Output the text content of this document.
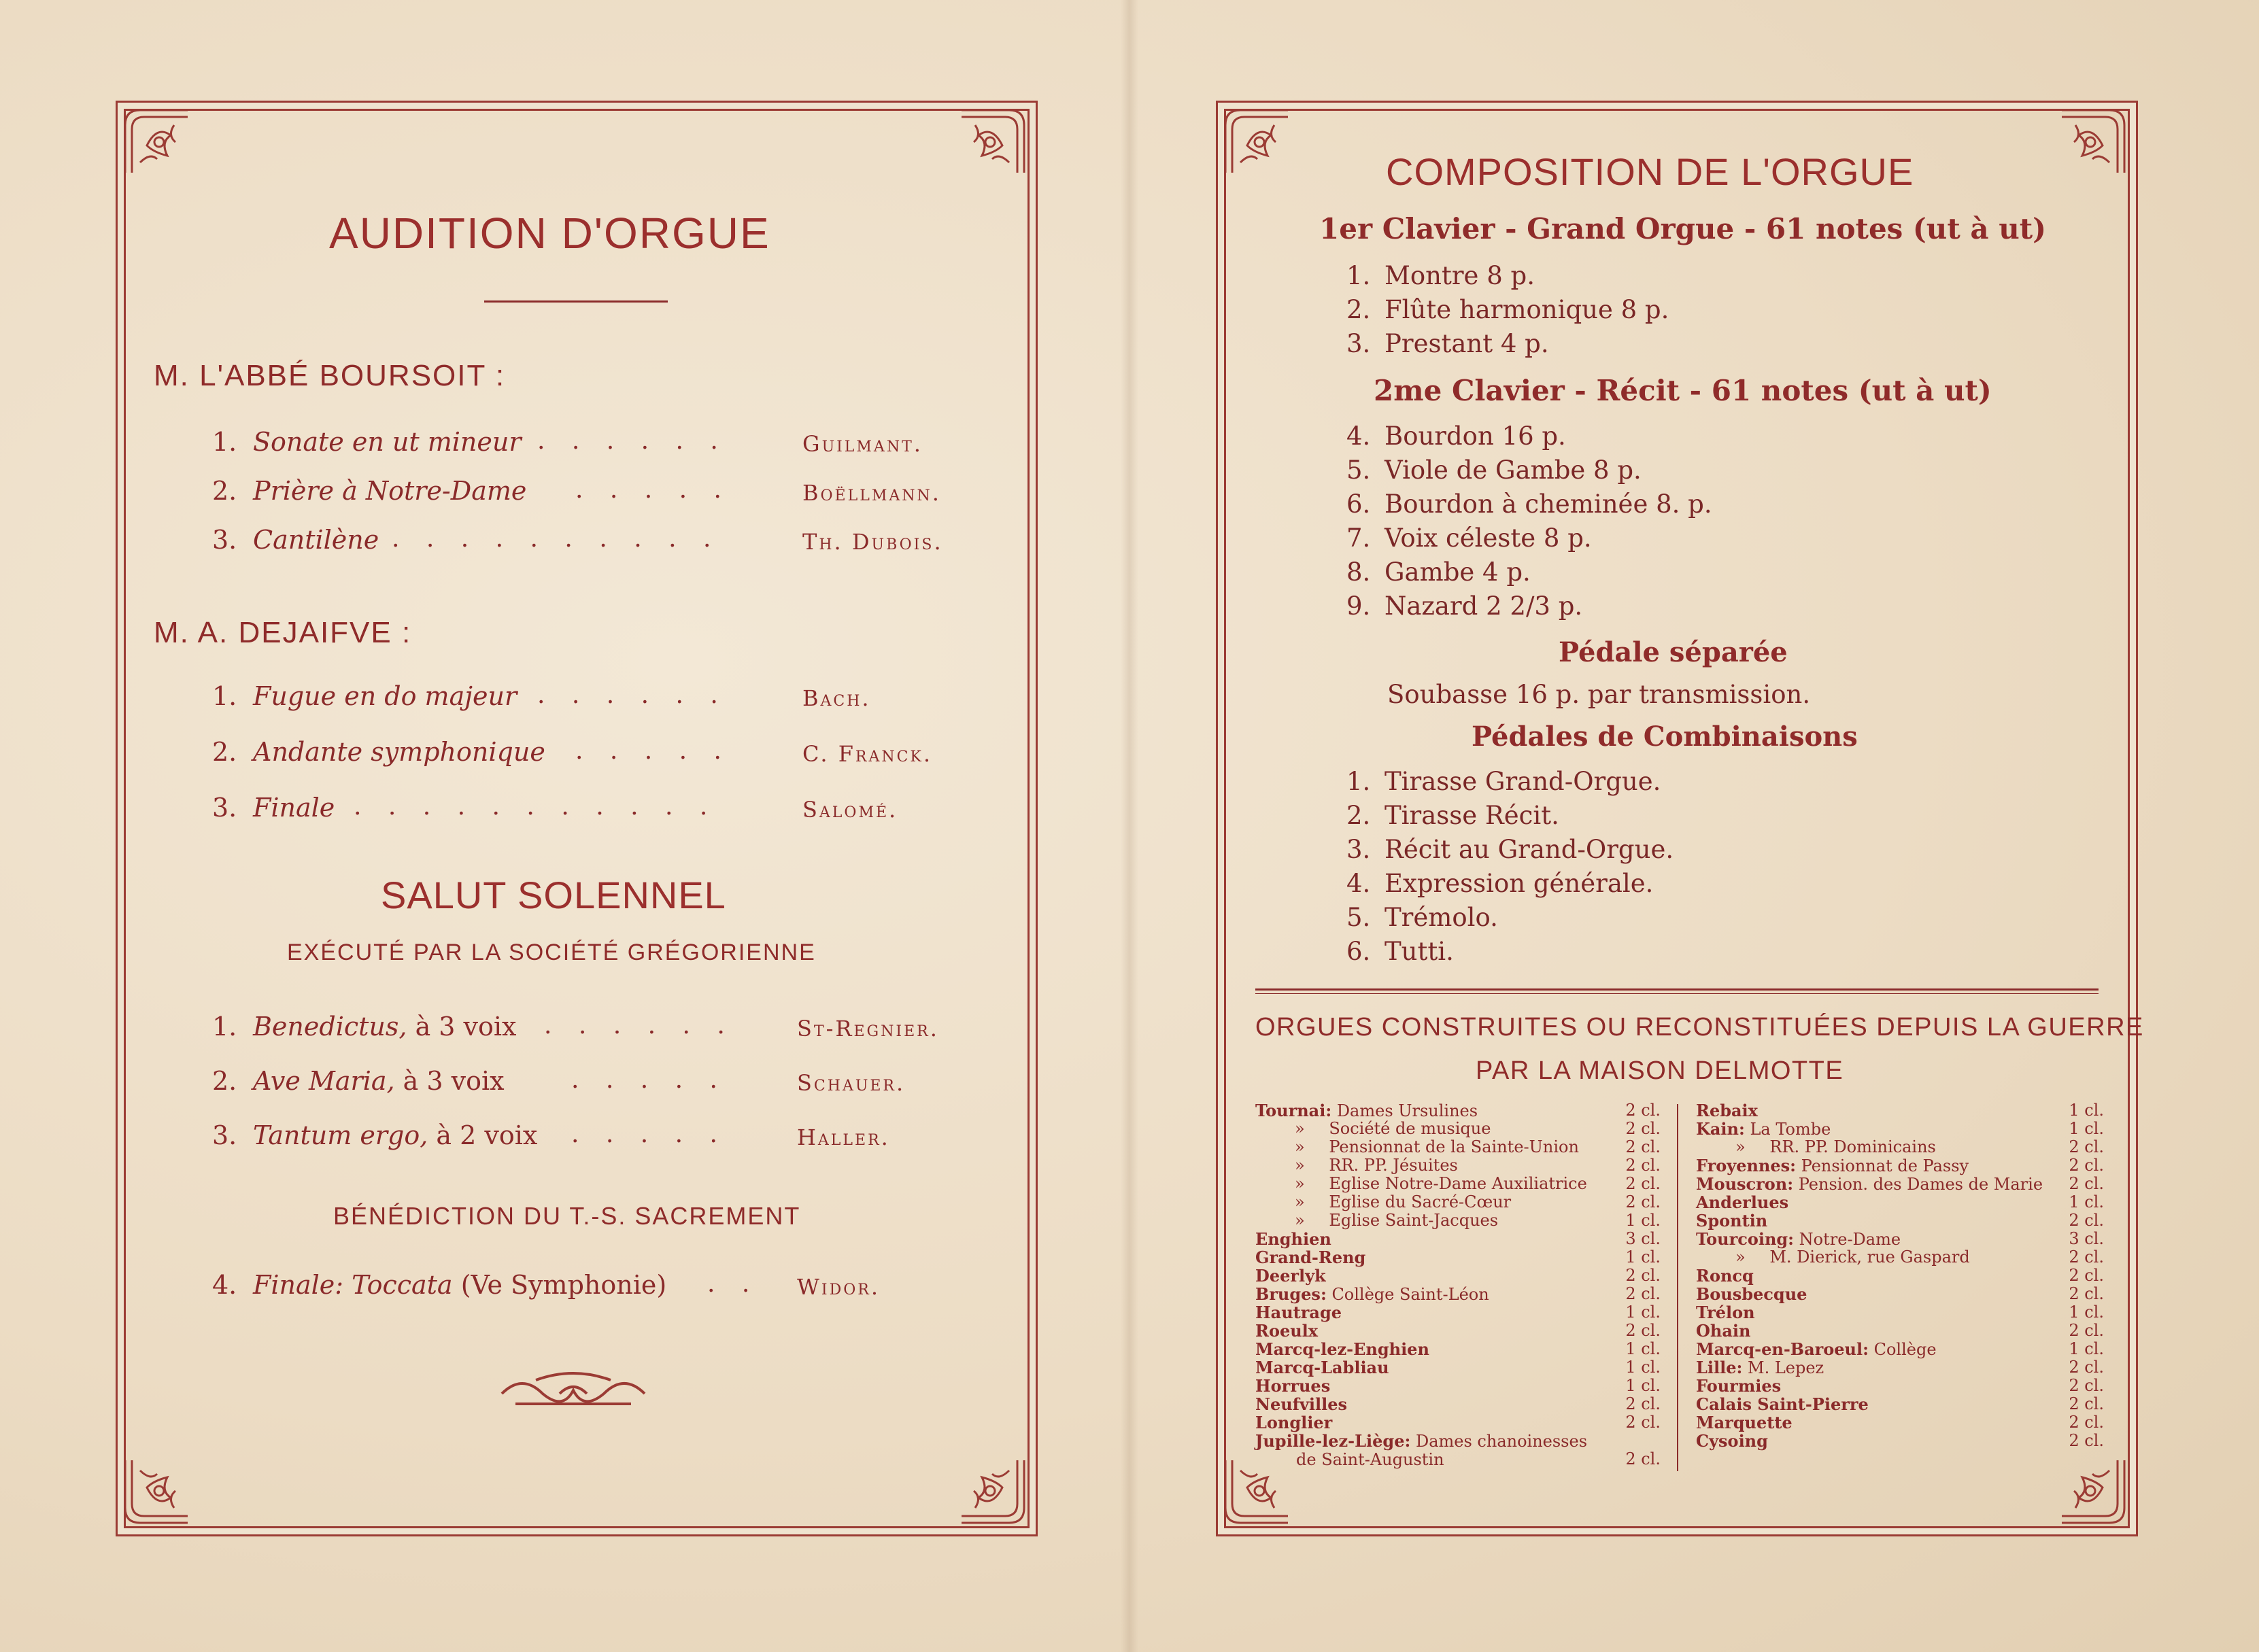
AUDITION D'ORGUE
M. L'ABBÉ BOURSOIT :
1. Sonate en ut mineur . . . . . .	Guilmant.
2. Prière à Notre-Dame . . . . .	Boëllmann.
3. Cantilène . . . . . . . . . .	Th. Dubois.
M. A. DEJAIFVE :
1. Fugue en do majeur . . . . . .	Bach.
2. Andante symphonique . . . . .	C. Franck.
3. Finale . . . . . . . . . . .	Salomé.
SALUT SOLENNEL
EXÉCUTÉ PAR LA SOCIÉTÉ GRÉGORIENNE
1. Benedictus, à 3 voix . . . . . .	St-Regnier.
2. Ave Maria, à 3 voix	. . . . .	Schauer.
3. Tantum ergo, à 2 voix . . . . .	Haller.
BÉNÉDICTION DU T.-S. SACREMENT
4. Finale: Toccata (Ve Symphonie) . . Widor.
COMPOSITION DE L'ORGUE
1er Clavier - Grand Orgue - 61 notes (ut à ut)
1. Montre 8 p.
2. Flûte harmonique 8 p.
3. Prestant 4 p.
2me Clavier - Récit - 61 notes (ut à ut)
4. Bourdon 16 p.
5. Viole de Gambe 8 p.
6. Bourdon à cheminée 8. p.
7. Voix céleste 8 p.
8. Gambe 4 p.
9. Nazard 2 2/3 p.
Pédale séparée
Soubasse 16 p. par transmission.
Pédales de Combinaisons
1. Tirasse Grand-Orgue.
2. Tirasse Récit.
3. Récit au Grand-Orgue.
4. Expression générale.
5. Trémolo.
6. Tutti.
ORGUES CONSTRUITES OU RECONSTITUÉES DEPUIS LA GUERRE
PAR LA MAISON DELMOTTE
Tournai: Dames Ursulines	2 cl.
» Société de musique	2 cl.
» Pensionnat de la Sainte-Union	2 cl.
» RR. PP. Jésuites	2 cl.
» Eglise Notre-Dame Auxiliatrice 2 cl.
» Eglise du Sacré-Cœur	2 cl.
» Eglise Saint-Jacques	1 cl.
Enghien	3 cl.
Grand-Reng	1 cl.
Deerlyk	2 cl.
Bruges: Collège Saint-Léon	2 cl.
Hautrage	1 cl.
Roeulx	2 cl.
Marcq-lez-Enghien	1 cl.
Marcq-Labliau	1 cl.
Horrues	1 cl.
Neufvilles	2 cl.
Longlier	2 cl.
Jupille-lez-Liège: Dames chanoinesses
de Saint-Augustin	2 cl.
Rebaix	1 cl.
Kain: La Tombe	1 cl.
» RR. PP. Dominicains	2 cl.
Froyennes: Pensionnat de Passy	2 cl.
Mouscron: Pension. des Dames de Marie 2 cl.
Anderlues	1 cl.
Spontin	2 cl.
Tourcoing: Notre-Dame	3 cl.
» M. Dierick, rue Gaspard	2 cl.
Roncq	2 cl.
Bousbecque	2 cl.
Trélon	1 cl.
Ohain	2 cl.
Marcq-en-Baroeul: Collège	1 cl.
Lille: M. Lepez	2 cl.
Fourmies	2 cl.
Calais Saint-Pierre	2 cl.
Marquette	2 cl.
Cysoing	2 cl.
